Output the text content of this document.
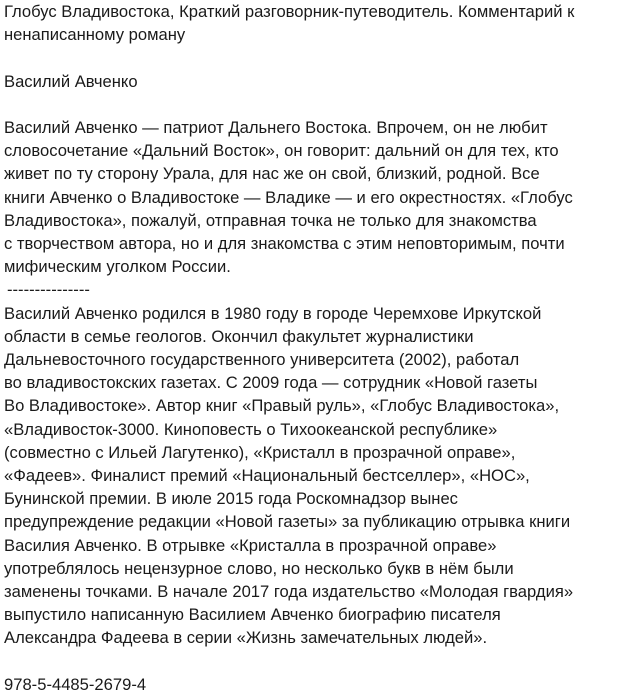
Глобус Владивостока, Краткий разговорник-путеводитель. Комментарий к
ненаписанному роману

Василий Авченко

Василий Авченко — патриот Дальнего Востока. Впрочем, он не любит
словосочетание «Дальний Восток», он говорит: дальний он для тех, кто
живет по ту сторону Урала, для нас же он свой, близкий, родной. Все
книги Авченко о Владивостоке — Владике — и его окрестностях. «Глобус
Владивостока», пожалуй, отправная точка не только для знакомства
с творчеством автора, но и для знакомства с этим неповторимым, почти
мифическим уголком России.

---------------

Василий Авченко родился в 1980 году в городе Черемхове Иркутской
области в семье геологов. Окончил факультет журналистики
Дальневосточного государственного университета (2002), работал
во владивостокских газетах. С 2009 года — сотрудник «Новой газеты
Во Владивостоке». Автор книг «Правый руль», «Глобус Владивостока»,
«Владивосток-3000. Киноповесть о Тихоокеанской республике»
(совместно с Ильей Лагутенко), «Кристалл в прозрачной оправе»,
«Фадеев». Финалист премий «Национальный бестселлер», «НОС»,
Бунинской премии. В июле 2015 года Роскомнадзор вынес
предупреждение редакции «Новой газеты» за публикацию отрывка книги
Василия Авченко. В отрывке «Кристалла в прозрачной оправе»
употреблялось нецензурное слово, но несколько букв в нём были
заменены точками. В начале 2017 года издательство «Молодая гвардия»
выпустило написанную Василием Авченко биографию писателя
Александра Фадеева в серии «Жизнь замечательных людей».

978-5-4485-2679-4
